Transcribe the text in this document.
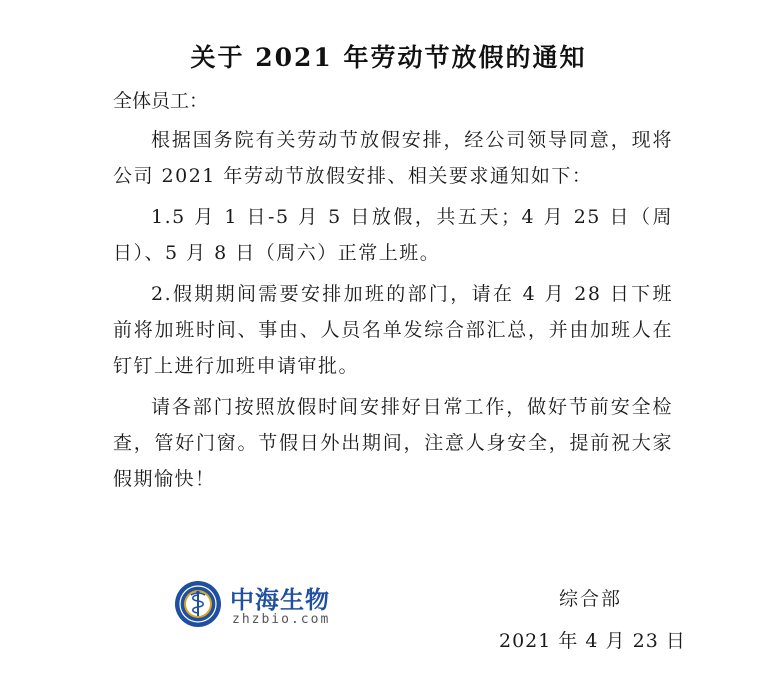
关于 2021 年劳动节放假的通知
全体员工：

根据国务院有关劳动节放假安排，经公司领导同意，现将公司 2021 年劳动节放假安排、相关要求通知如下：

1.5 月 1 日-5 月 5 日放假，共五天；4 月 25 日（周日）、5 月 8 日（周六）正常上班。

2.假期期间需要安排加班的部门，请在 4 月 28 日下班前将加班时间、事由、人员名单发综合部汇总，并由加班人在钉钉上进行加班申请审批。

请各部门按照放假时间安排好日常工作，做好节前安全检查，管好门窗。节假日外出期间，注意人身安全，提前祝大家假期愉快！

中海生物
zhzbio.com
综合部
2021 年 4 月 23 日
